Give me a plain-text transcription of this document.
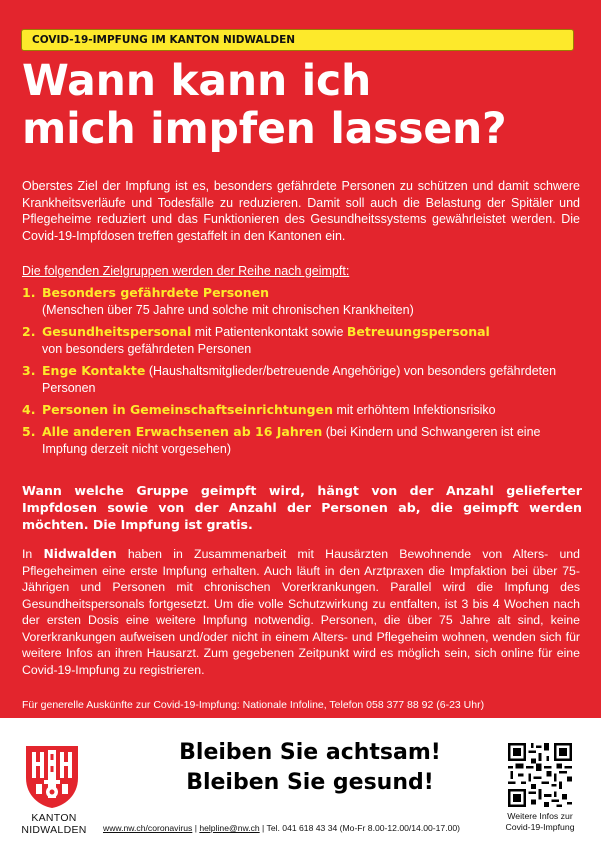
COVID-19-IMPFUNG IM KANTON NIDWALDEN
Wann kann ich
mich impfen lassen?

Oberstes Ziel der Impfung ist es, besonders gefährdete Personen zu schützen und damit schwere Krankheitsverläufe und Todesfälle zu reduzieren. Damit soll auch die Belastung der Spitäler und Pflegeheime reduziert und das Funktionieren des Gesundheitssystems gewährleistet werden. Die Covid-19-Impfdosen treffen gestaffelt in den Kantonen ein.

Die folgenden Zielgruppen werden der Reihe nach geimpft:

1. Besonders gefährdete Personen
(Menschen über 75 Jahre und solche mit chronischen Krankheiten)
2. Gesundheitspersonal mit Patientenkontakt sowie Betreuungspersonal
von besonders gefährdeten Personen
3. Enge Kontakte (Haushaltsmitglieder/betreuende Angehörige) von besonders gefährdeten Personen
4. Personen in Gemeinschaftseinrichtungen mit erhöhtem Infektionsrisiko
5. Alle anderen Erwachsenen ab 16 Jahren (bei Kindern und Schwangeren ist eine Impfung derzeit nicht vorgesehen)

Wann welche Gruppe geimpft wird, hängt von der Anzahl gelieferter Impfdosen sowie von der Anzahl der Personen ab, die geimpft werden möchten. Die Impfung ist gratis.

In Nidwalden haben in Zusammenarbeit mit Hausärzten Bewohnende von Alters- und Pflegeheimen eine erste Impfung erhalten. Auch läuft in den Arztpraxen die Impfaktion bei über 75-Jährigen und Personen mit chronischen Vorerkrankungen. Parallel wird die Impfung des Gesundheitspersonals fortgesetzt. Um die volle Schutzwirkung zu entfalten, ist 3 bis 4 Wochen nach der ersten Dosis eine weitere Impfung notwendig. Personen, die über 75 Jahre alt sind, keine Vorerkrankungen aufweisen und/oder nicht in einem Alters- und Pflegeheim wohnen, wenden sich für weitere Infos an ihren Hausarzt. Zum gegebenen Zeitpunkt wird es möglich sein, sich online für eine Covid-19-Impfung zu registrieren.

Für generelle Auskünfte zur Covid-19-Impfung: Nationale Infoline, Telefon 058 377 88 92 (6-23 Uhr)

KANTON
NIDWALDEN
Bleiben Sie achtsam!
Bleiben Sie gesund!
www.nw.ch/coronavirus | helpline@nw.ch | Tel. 041 618 43 34 (Mo-Fr 8.00-12.00/14.00-17.00)
Weitere Infos zur
Covid-19-Impfung
